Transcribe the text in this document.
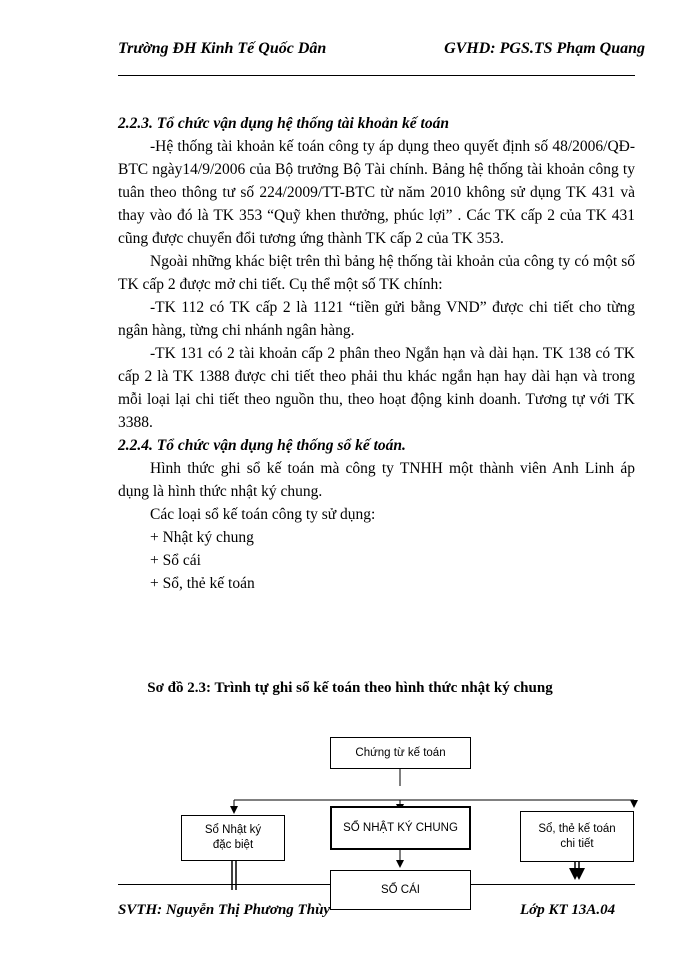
Trường ĐH Kinh Tế Quốc Dân	GVHD: PGS.TS Phạm Quang

2.2.3. Tổ chức vận dụng hệ thống tài khoản kế toán

-Hệ thống tài khoản kế toán công ty áp dụng theo quyết định số 48/2006/QĐ-BTC ngày14/9/2006 của Bộ trưởng Bộ Tài chính. Bảng hệ thống tài khoản công ty tuân theo thông tư số 224/2009/TT-BTC từ năm 2010 không sử dụng TK 431 và thay vào đó là TK 353 “Quỹ khen thưởng, phúc lợi” . Các TK cấp 2 của TK 431 cũng được chuyển đổi tương ứng thành TK cấp 2 của TK 353.

Ngoài những khác biệt trên thì bảng hệ thống tài khoản của công ty có một số TK cấp 2 được mở chi tiết. Cụ thể một số TK chính:

-TK 112 có TK cấp 2 là 1121 “tiền gửi bằng VND” được chi tiết cho từng ngân hàng, từng chi nhánh ngân hàng.

-TK 131 có 2 tài khoản cấp 2 phân theo Ngắn hạn và dài hạn. TK 138 có TK cấp 2 là TK 1388 được chi tiết theo phải thu khác ngắn hạn hay dài hạn và trong mỗi loại lại chi tiết theo nguồn thu, theo hoạt động kinh doanh. Tương tự với TK 3388.

2.2.4. Tổ chức vận dụng hệ thống sổ kế toán.

Hình thức ghi sổ kế toán mà công ty TNHH một thành viên Anh Linh áp dụng là hình thức nhật ký chung.

Các loại sổ kế toán công ty sử dụng:

+ Nhật ký chung

+ Sổ cái

+ Sổ, thẻ kế toán

Sơ đồ 2.3: Trình tự ghi sổ kế toán theo hình thức nhật ký chung
Chứng từ kế toán
Sổ Nhật ký
đặc biệt
SỔ NHẬT KÝ CHUNG	Sổ, thẻ kế toán
chi tiết
SỔ CÁI
SVTH: Nguyễn Thị Phương Thùy	Lớp KT 13A.04
